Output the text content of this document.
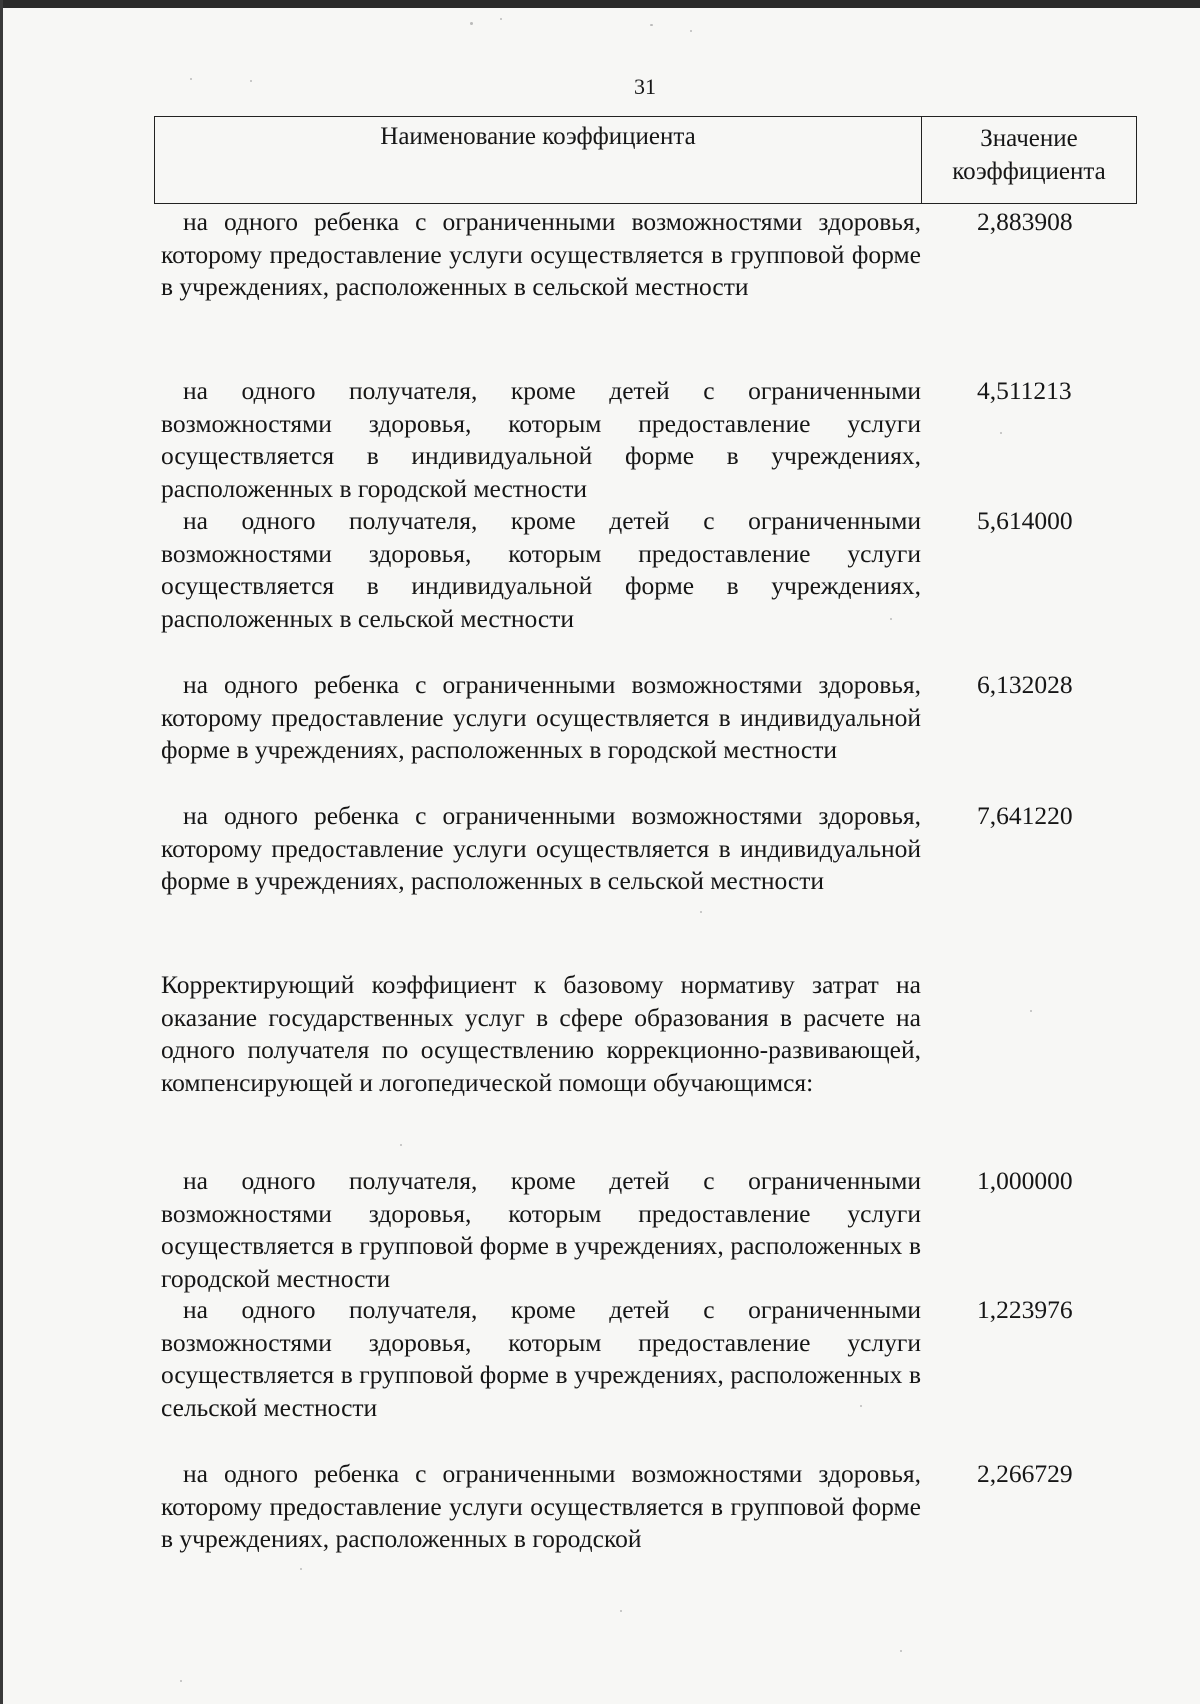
31
Наименование коэффициента	Значение
коэффициента
на одного ребенка с ограниченными возможностями здоровья, которому предоставление услуги осуществляется в групповой форме в учреждениях, расположенных в сельской местности
2,883908
на одного получателя, кроме детей с ограниченными возможностями здоровья, которым предоставление услуги осуществляется в индивидуальной форме в учреждениях, расположенных в городской местности
4,511213
на одного получателя, кроме детей с ограниченными возможностями здоровья, которым предоставление услуги осуществляется в индивидуальной форме в учреждениях, расположенных в сельской местности
5,614000
на одного ребенка с ограниченными возможностями здоровья, которому предоставление услуги осуществляется в индивидуальной форме в учреждениях, расположенных в городской местности
6,132028
на одного ребенка с ограниченными возможностями здоровья, которому предоставление услуги осуществляется в индивидуальной форме в учреждениях, расположенных в сельской местности
7,641220
Корректирующий коэффициент к базовому нормативу затрат на оказание государственных услуг в сфере образования в расчете на одного получателя по осуществлению коррекционно-развивающей, компенсирующей и логопедической помощи обучающимся:
на одного получателя, кроме детей с ограниченными возможностями здоровья, которым предоставление услуги осуществляется в групповой форме в учреждениях, расположенных в городской местности
1,000000
на одного получателя, кроме детей с ограниченными возможностями здоровья, которым предоставление услуги осуществляется в групповой форме в учреждениях, расположенных в сельской местности
1,223976
на одного ребенка с ограниченными возможностями здоровья, которому предоставление услуги осуществляется в групповой форме в учреждениях, расположенных в городской
2,266729
